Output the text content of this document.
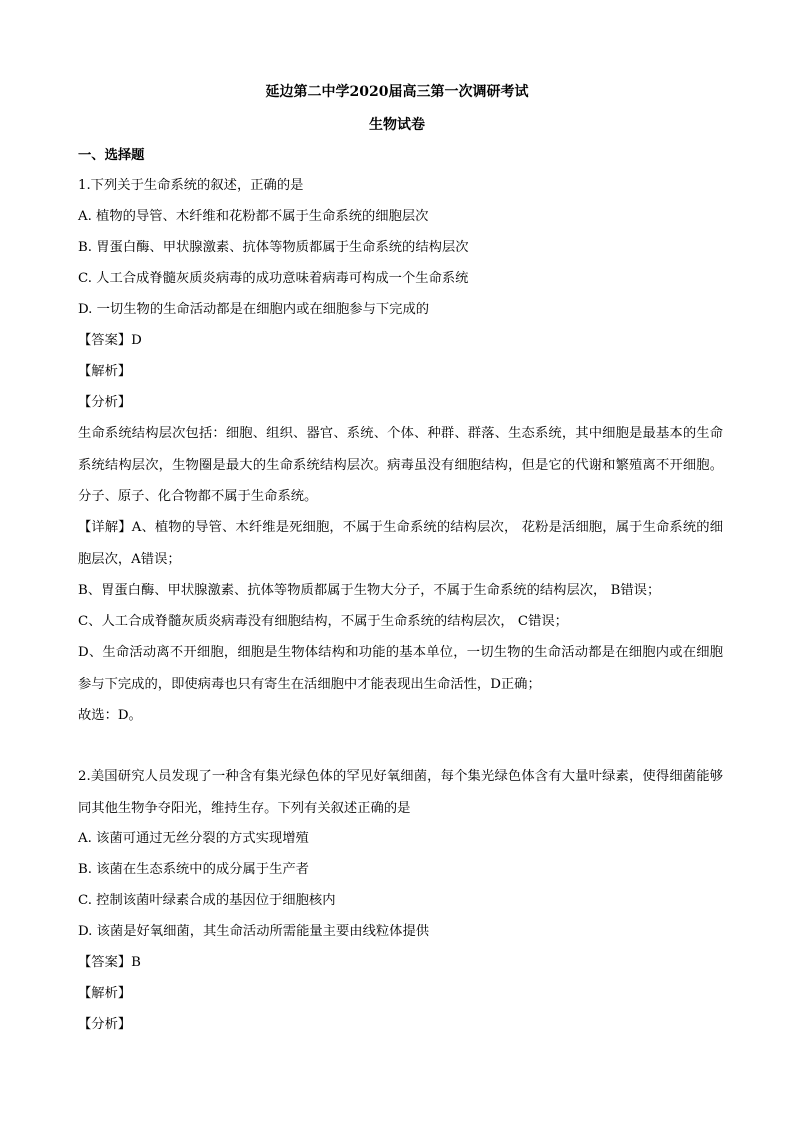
延边第二中学2020届高三第一次调研考试
生物试卷
一、选择题
1.下列关于生命系统的叙述，正确的是
A. 植物的导管、木纤维和花粉都不属于生命系统的细胞层次
B. 胃蛋白酶、甲状腺激素、抗体等物质都属于生命系统的结构层次
C. 人工合成脊髓灰质炎病毒的成功意味着病毒可构成一个生命系统
D. 一切生物的生命活动都是在细胞内或在细胞参与下完成的
【答案】D
【解析】
【分析】
生命系统结构层次包括：细胞、组织、器官、系统、个体、种群、群落、生态系统，其中细胞是最基本的生命系统结构层次，生物圈是最大的生命系统结构层次。病毒虽没有细胞结构，但是它的代谢和繁殖离不开细胞。分子、原子、化合物都不属于生命系统。
【详解】A、植物的导管、木纤维是死细胞，不属于生命系统的结构层次， 花粉是活细胞，属于生命系统的细胞层次，A错误；
B、胃蛋白酶、甲状腺激素、抗体等物质都属于生物大分子，不属于生命系统的结构层次， B错误；
C、人工合成脊髓灰质炎病毒没有细胞结构，不属于生命系统的结构层次， C错误；
D、生命活动离不开细胞，细胞是生物体结构和功能的基本单位，一切生物的生命活动都是在细胞内或在细胞参与下完成的，即使病毒也只有寄生在活细胞中才能表现出生命活性，D正确；
故选：D。
2.美国研究人员发现了一种含有集光绿色体的罕见好氧细菌，每个集光绿色体含有大量叶绿素，使得细菌能够同其他生物争夺阳光，维持生存。下列有关叙述正确的是
A. 该菌可通过无丝分裂的方式实现增殖
B. 该菌在生态系统中的成分属于生产者
C. 控制该菌叶绿素合成的基因位于细胞核内
D. 该菌是好氧细菌，其生命活动所需能量主要由线粒体提供
【答案】B
【解析】
【分析】
